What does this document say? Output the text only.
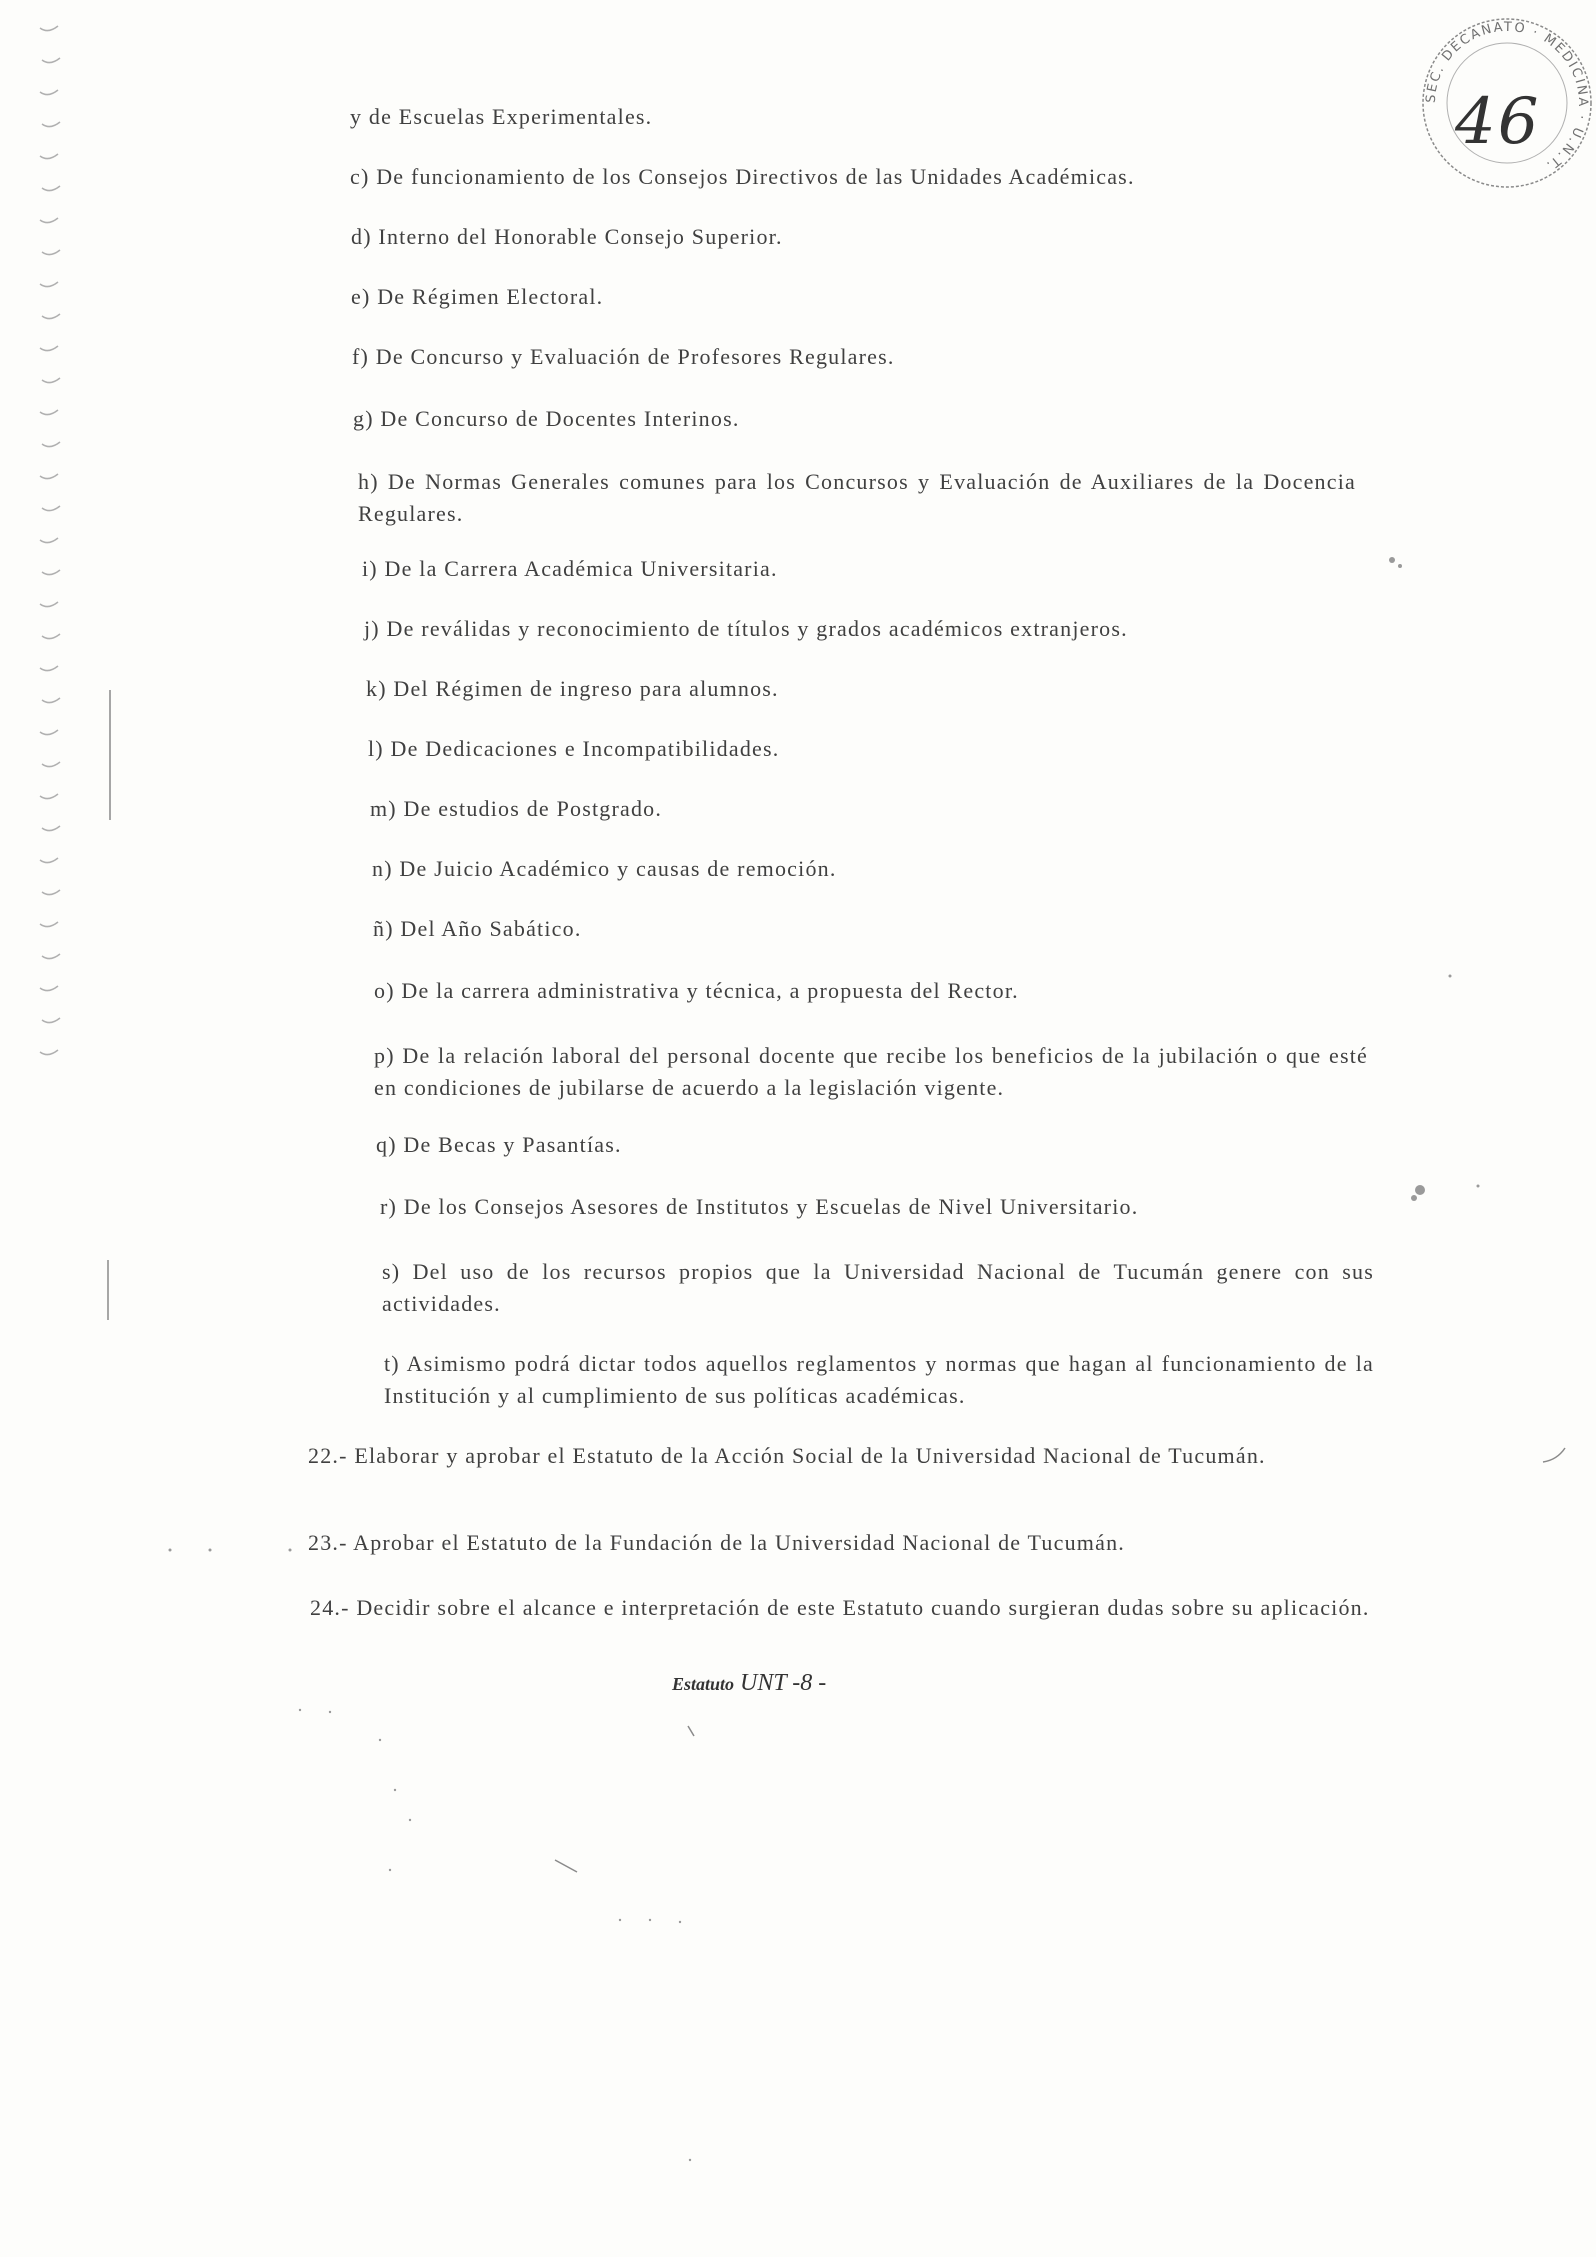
SEC. DECANATO · MEDICINA · U.N.T.
46
y de Escuelas Experimentales.
c) De funcionamiento de los Consejos Directivos de las Unidades Académicas.
d) Interno del Honorable Consejo Superior.
e) De Régimen Electoral.
f) De Concurso y Evaluación de Profesores Regulares.
g) De Concurso de Docentes Interinos.
h) De Normas Generales comunes para los Concursos y Evaluación de Auxiliares de la Docencia Regulares.
i) De la Carrera Académica Universitaria.
j) De reválidas y reconocimiento de títulos y grados académicos extranjeros.
k) Del Régimen de ingreso para alumnos.
l) De Dedicaciones e Incompatibilidades.
m) De estudios de Postgrado.
n) De Juicio Académico y causas de remoción.
ñ) Del Año Sabático.
o) De la carrera administrativa y técnica, a propuesta del Rector.
p) De la relación laboral del personal docente que recibe los beneficios de la jubilación o que esté en condiciones de jubilarse de acuerdo a la legislación vigente.
q) De Becas y Pasantías.
r) De los Consejos Asesores de Institutos y Escuelas de Nivel Universitario.
s) Del uso de los recursos propios que la Universidad Nacional de Tucumán genere con sus actividades.
t) Asimismo podrá dictar todos aquellos reglamentos y normas que hagan al funcionamiento de la Institución y al cumplimiento de sus políticas académicas.
22.- Elaborar y aprobar el Estatuto de la Acción Social de la Universidad Nacional de Tucumán.
23.- Aprobar el Estatuto de la Fundación de la Universidad Nacional de Tucumán.
24.- Decidir sobre el alcance e interpretación de este Estatuto cuando surgieran dudas sobre su aplicación.
Estatuto UNT -8 -
